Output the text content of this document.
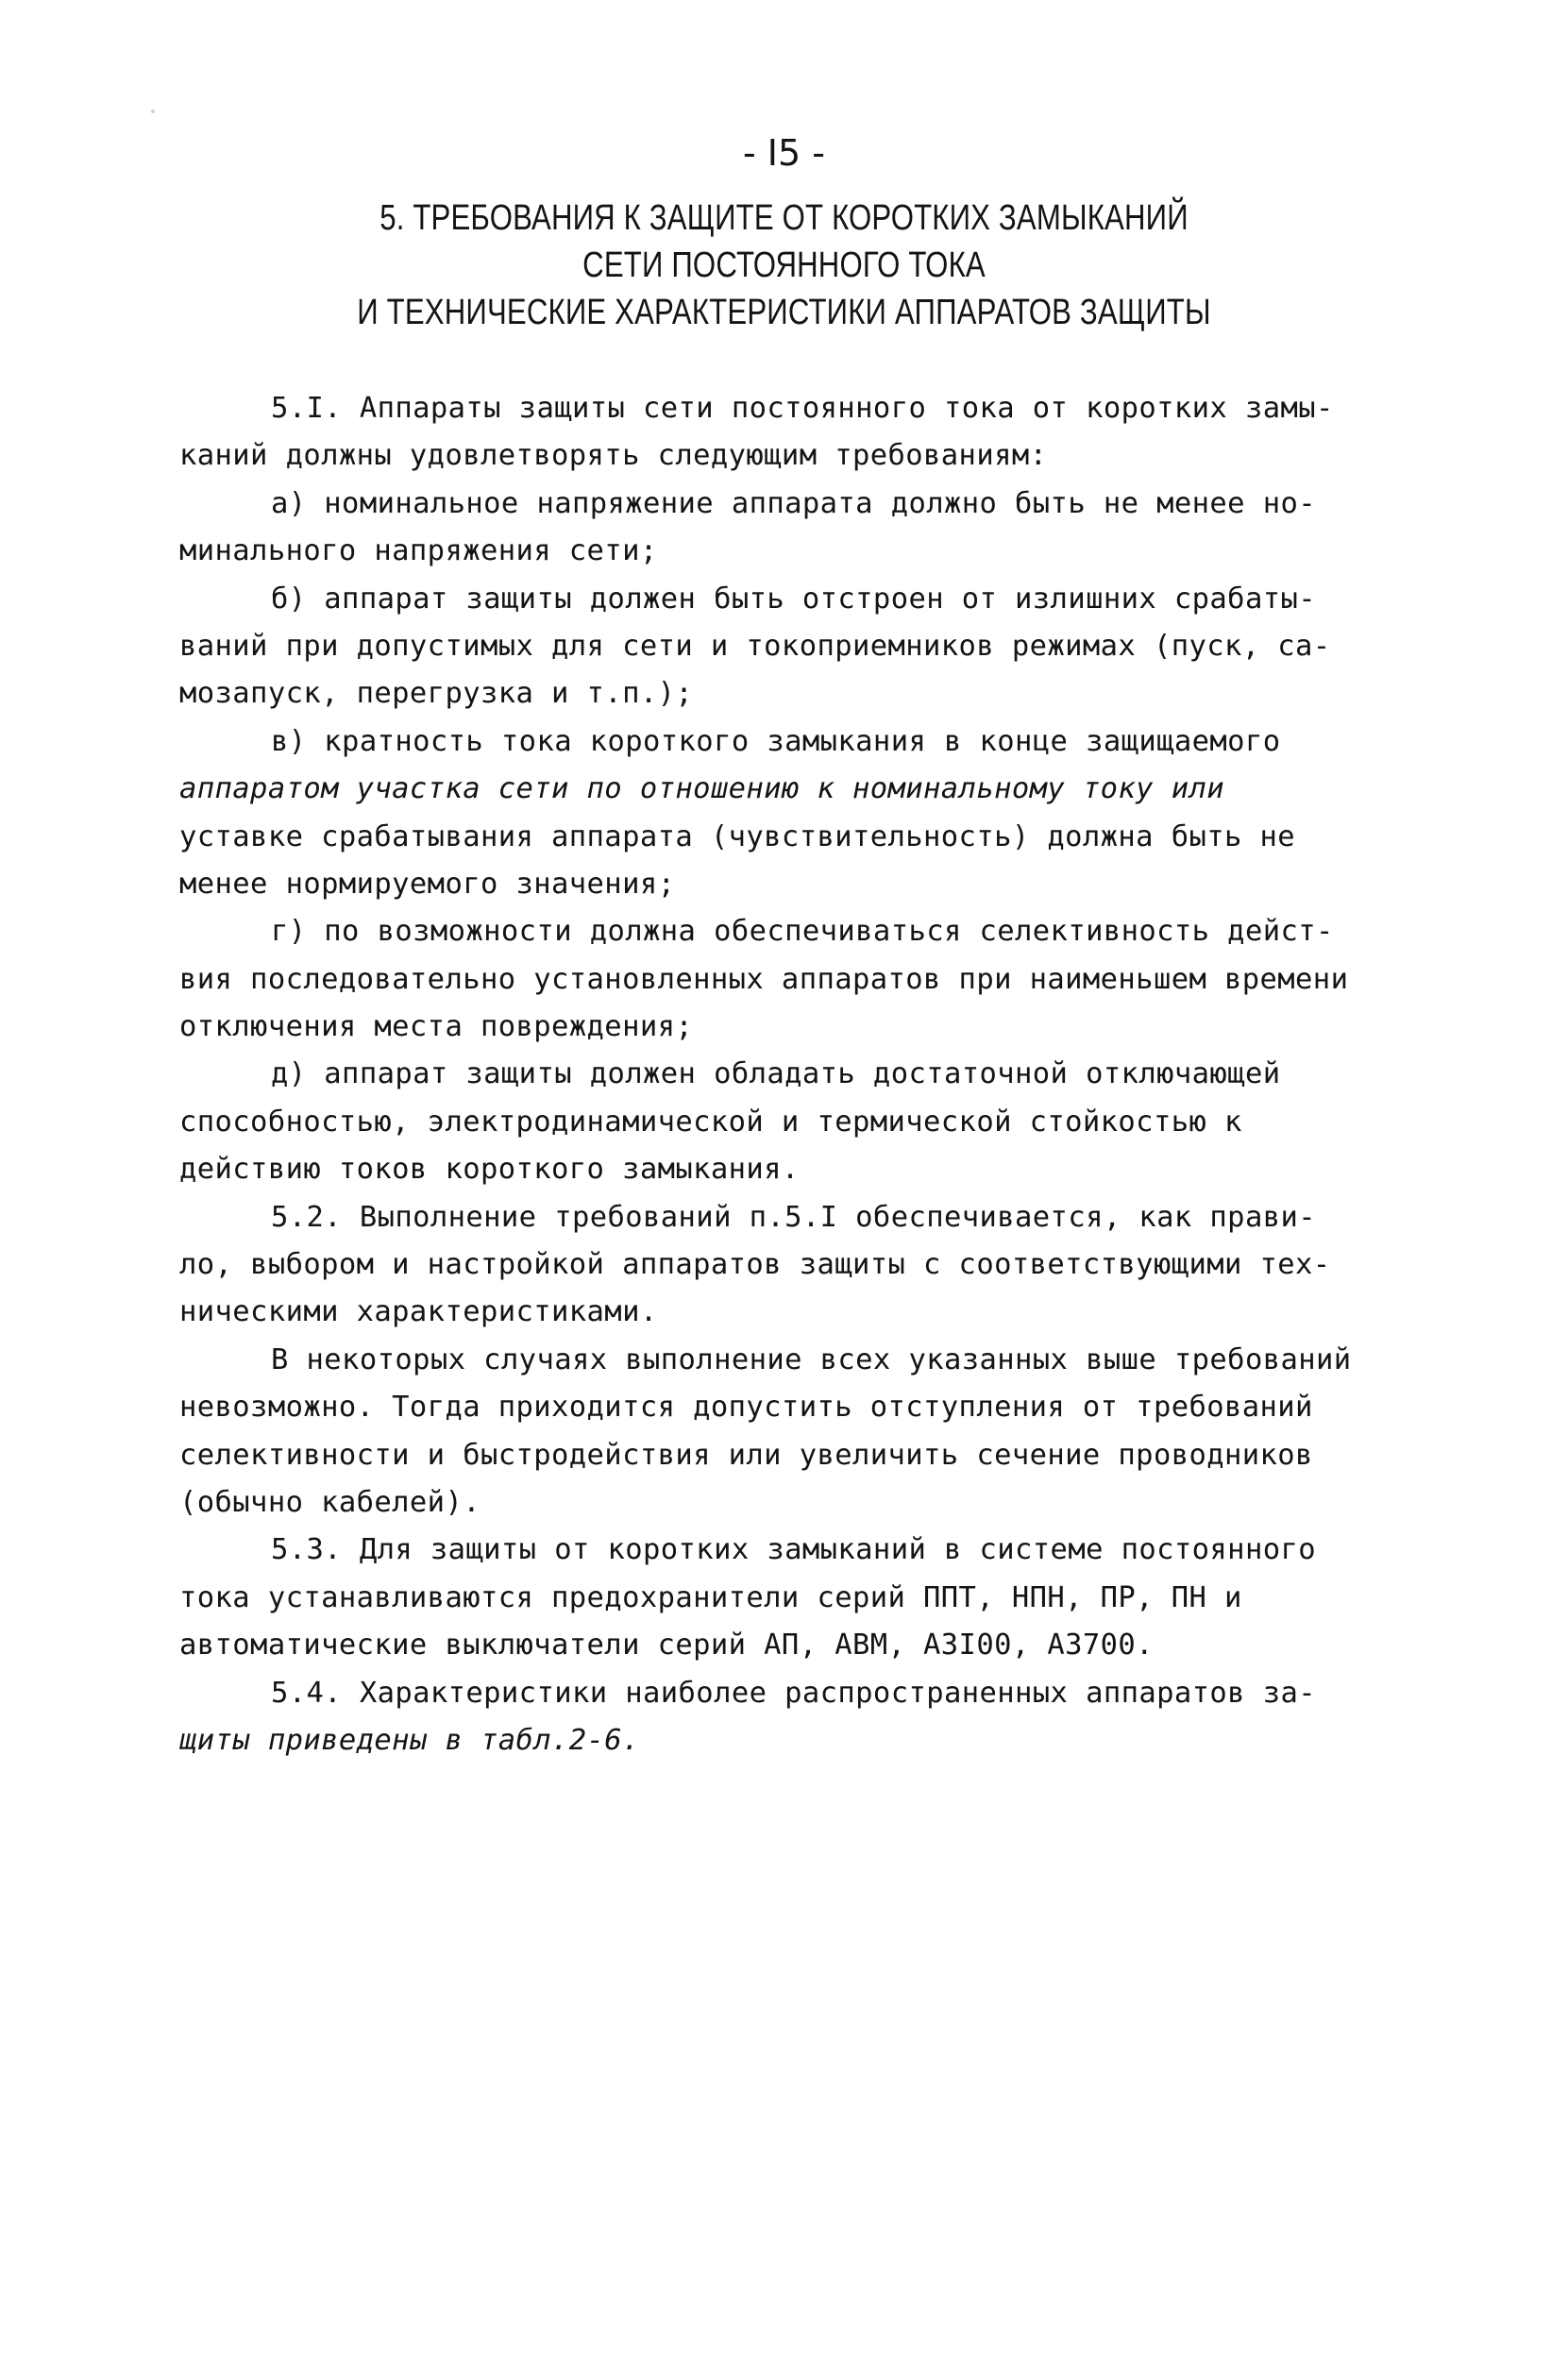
- I5 -
5. ТРЕБОВАНИЯ К ЗАЩИТЕ ОТ КОРОТКИХ ЗАМЫКАНИЙ
СЕТИ ПОСТОЯННОГО ТОКА
И ТЕХНИЧЕСКИЕ ХАРАКТЕРИСТИКИ АППАРАТОВ ЗАЩИТЫ
5.I. Аппараты защиты сети постоянного тока от коротких замы-
каний должны удовлетворять следующим требованиям:
а) номинальное напряжение аппарата должно быть не менее но-
минального напряжения сети;
б) аппарат защиты должен быть отстроен от излишних срабаты-
ваний при допустимых для сети и токоприемников режимах (пуск, са-
мозапуск, перегрузка и т.п.);
в) кратность тока короткого замыкания в конце защищаемого
аппаратом участка сети по отношению к номинальному току или
уставке срабатывания аппарата (чувствительность) должна быть не
менее нормируемого значения;
г) по возможности должна обеспечиваться селективность дейст-
вия последовательно установленных аппаратов при наименьшем времени
отключения места повреждения;
д) аппарат защиты должен обладать достаточной отключающей
способностью, электродинамической и термической стойкостью к
действию токов короткого замыкания.
5.2. Выполнение требований п.5.I обеспечивается, как прави-
ло, выбором и настройкой аппаратов защиты с соответствующими тех-
ническими характеристиками.
В некоторых случаях выполнение всех указанных выше требований
невозможно. Тогда приходится допустить отступления от требований
селективности и быстродействия или увеличить сечение проводников
(обычно кабелей).
5.3. Для защиты от коротких замыканий в системе постоянного
тока устанавливаются предохранители серий ППТ, НПН, ПР, ПН и
автоматические выключатели серий АП, АВМ, А3I00, А3700.
5.4. Характеристики наиболее распространенных аппаратов за-
щиты приведены в табл.2-6.
